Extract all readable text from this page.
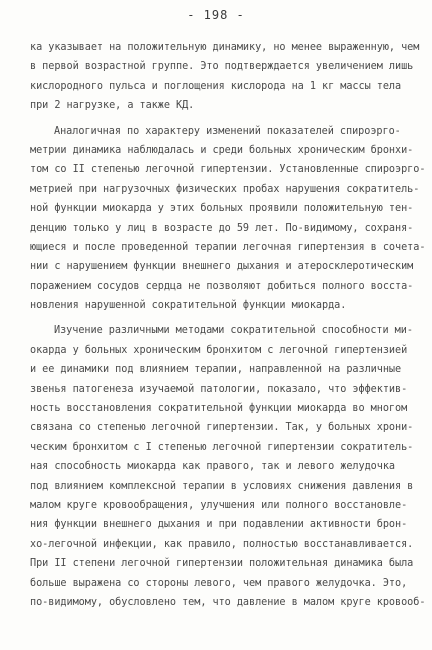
- 198 -
ка указывает на положительную динамику, но менее выраженную, чем
в первой возрастной группе. Это подтверждается увеличением лишь
кислородного пульса и поглощения кислорода на 1 кг массы тела
при 2 нагрузке, а также КД.
Аналогичная по характеру изменений показателей спироэрго-
метрии динамика наблюдалась и среди больных хроническим бронхи-
том со II степенью легочной гипертензии. Установленные спироэрго-
метрией при нагрузочных физических пробах нарушения сократитель-
ной функции миокарда у этих больных проявили положительную тен-
денцию только у лиц в возрасте до 59 лет. По-видимому, сохраня-
ющиеся и после проведенной терапии легочная гипертензия в сочета-
нии с нарушением функции внешнего дыхания и атеросклеротическим
поражением сосудов сердца не позволяют добиться полного восста-
новления нарушенной сократительной функции миокарда.
Изучение различными методами сократительной способности ми-
окарда у больных хроническим бронхитом с легочной гипертензией
и ее динамики под влиянием терапии, направленной на различные
звенья патогенеза изучаемой патологии, показало, что эффектив-
ность восстановления сократительной функции миокарда во многом
связана со степенью легочной гипертензии. Так, у больных хрони-
ческим бронхитом с I степенью легочной гипертензии сократитель-
ная способность миокарда как правого, так и левого желудочка
под влиянием комплексной терапии в условиях снижения давления в
малом круге кровообращения, улучшения или полного восстановле-
ния функции внешнего дыхания и при подавлении активности брон-
хо-легочной инфекции, как правило, полностью восстанавливается.
При II степени легочной гипертензии положительная динамика была
больше выражена со стороны левого, чем правого желудочка. Это,
по-видимому, обусловлено тем, что давление в малом круге кровооб-
